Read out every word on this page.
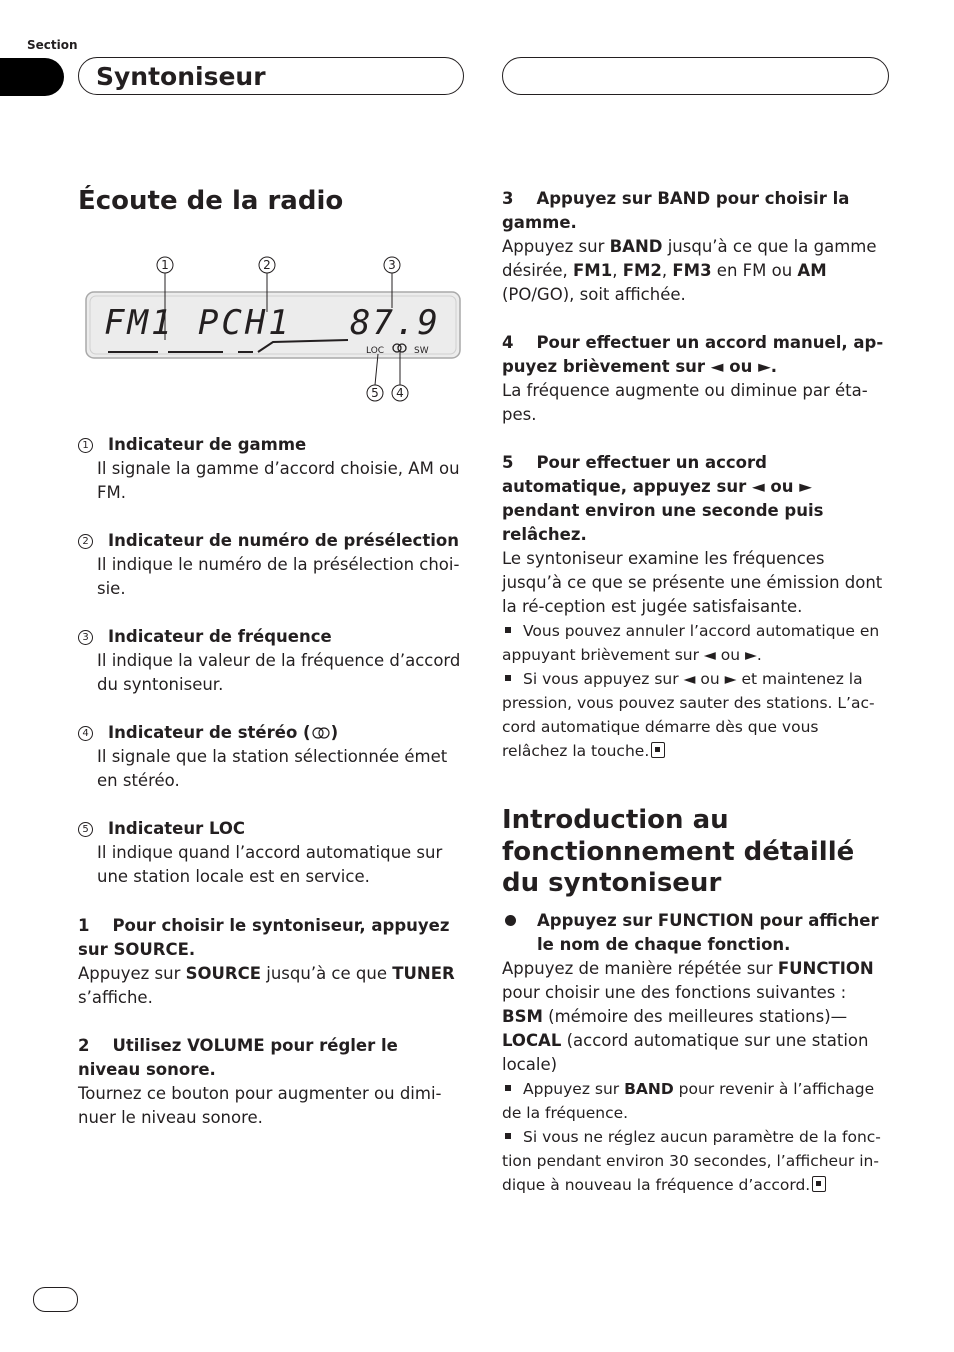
Section
Syntoniseur
Écoute de la radio
1	2	3
5 4
FM1 PCH1 87.9
LOC	SW
1 Indicateur de gamme
Il signale la gamme d’accord choisie, AM ou FM.
2 Indicateur de numéro de présélection
Il indique le numéro de la présélection choi-sie.
3 Indicateur de fréquence
Il indique la valeur de la fréquence d’accord du syntoniseur.
4 Indicateur de stéréo ( )
Il signale que la station sélectionnée émet en stéréo.
5 Indicateur LOC
Il indique quand l’accord automatique sur une station locale est en service.
1    Pour choisir le syntoniseur, appuyez sur SOURCE.
Appuyez sur SOURCE jusqu’à ce que TUNER s’affiche.
2    Utilisez VOLUME pour régler le niveau sonore.
Tournez ce bouton pour augmenter ou dimi-nuer le niveau sonore.
3    Appuyez sur BAND pour choisir la gamme.
Appuyez sur BAND jusqu’à ce que la gamme désirée, FM1, FM2, FM3 en FM ou AM (PO/GO), soit affichée.
4    Pour effectuer un accord manuel, ap-puyez brièvement sur ◄ ou ►.
La fréquence augmente ou diminue par éta-pes.
5    Pour effectuer un accord automatique, appuyez sur ◄ ou ► pendant environ une seconde puis relâchez.
Le syntoniseur examine les fréquences jusqu’à ce que se présente une émission dont la ré-ception est jugée satisfaisante.
Vous pouvez annuler l’accord automatique en appuyant brièvement sur ◄ ou ►.
Si vous appuyez sur ◄ ou ► et maintenez la pression, vous pouvez sauter des stations. L’ac-cord automatique démarre dès que vous relâchez la touche.
Introduction au fonctionnement détaillé du syntoniseur
Appuyez sur FUNCTION pour afficher le nom de chaque fonction.
Appuyez de manière répétée sur FUNCTION pour choisir une des fonctions suivantes :
BSM (mémoire des meilleures stations)—LOCAL (accord automatique sur une station locale)
Appuyez sur BAND pour revenir à l’affichage de la fréquence.
Si vous ne réglez aucun paramètre de la fonc-tion pendant environ 30 secondes, l’afficheur in-dique à nouveau la fréquence d’accord.
